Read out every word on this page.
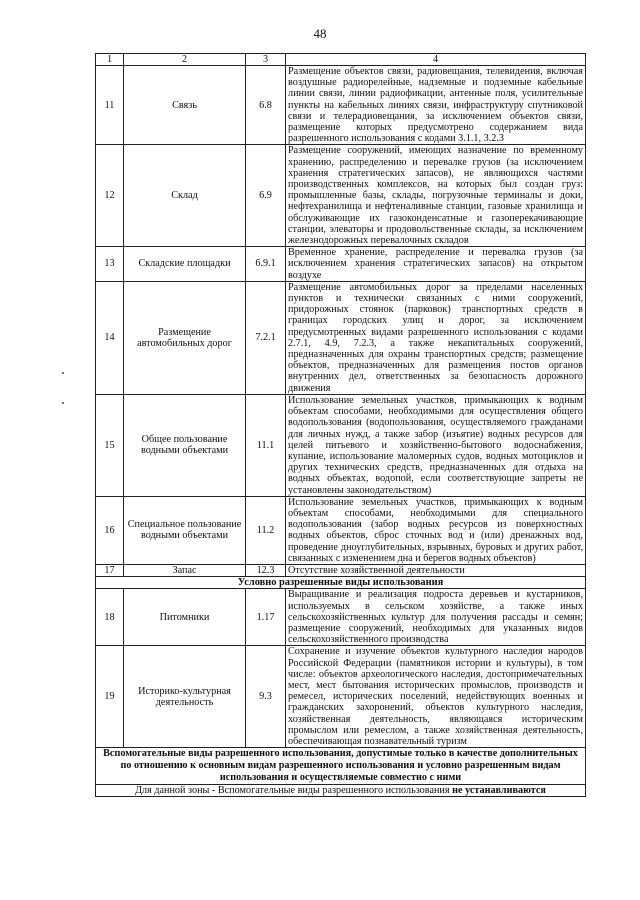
48
1	2	3	4
11	Связь	6.8	Размещение объектов связи, радиовещания, телевидения, включая воздушные радиорелейные, надземные и подземные кабельные линии связи, линии радиофикации, антенные поля, усилительные пункты на кабельных линиях связи, инфраструктуру спутниковой связи и телерадиовещания, за исключением объектов связи, размещение которых предусмотрено содержанием вида разрешенного использования с кодами 3.1.1, 3.2.3
12	Склад	6.9	Размещение сооружений, имеющих назначение по временному хранению, распределению и перевалке грузов (за исключением хранения стратегических запасов), не являющихся частями производственных комплексов, на которых был создан груз: промышленные базы, склады, погрузочные терминалы и доки, нефтехранилища и нефтеналивные станции, газовые хранилища и обслуживающие их газоконденсатные и газоперекачивающие станции, элеваторы и продовольственные склады, за исключением железнодорожных перевалочных складов
13	Складские площадки	6.9.1	Временное хранение, распределение и перевалка грузов (за исключением хранения стратегических запасов) на открытом воздухе
14	Размещение автомобильных дорог	7.2.1	Размещение автомобильных дорог за пределами населенных пунктов и технически связанных с ними сооружений, придорожных стоянок (парковок) транспортных средств в границах городских улиц и дорог, за исключением предусмотренных видами разрешенного использования с кодами 2.7.1, 4.9, 7.2.3, а также некапитальных сооружений, предназначенных для охраны транспортных средств; размещение объектов, предназначенных для размещения постов органов внутренних дел, ответственных за безопасность дорожного движения
15	Общее пользование водными объектами	11.1	Использование земельных участков, примыкающих к водным объектам способами, необходимыми для осуществления общего водопользования (водопользования, осуществляемого гражданами для личных нужд, а также забор (изъятие) водных ресурсов для целей питьевого и хозяйственно-бытового водоснабжения, купание, использование маломерных судов, водных мотоциклов и других технических средств, предназначенных для отдыха на водных объектах, водопой, если соответствующие запреты не установлены законодательством)
16	Специальное пользование водными объектами	11.2	Использование земельных участков, примыкающих к водным объектам способами, необходимыми для специального водопользования (забор водных ресурсов из поверхностных водных объектов, сброс сточных вод и (или) дренажных вод, проведение дноуглубительных, взрывных, буровых и других работ, связанных с изменением дна и берегов водных объектов)
17	Запас	12.3	Отсутствие хозяйственной деятельности
Условно разрешенные виды использования			
18	Питомники	1.17	Выращивание и реализация подроста деревьев и кустарников, используемых в сельском хозяйстве, а также иных сельскохозяйственных культур для получения рассады и семян; размещение сооружений, необходимых для указанных видов сельскохозяйственного производства
19	Историко-культурная деятельность	9.3	Сохранение и изучение объектов культурного наследия народов Российской Федерации (памятников истории и культуры), в том числе: объектов археологического наследия, достопримечательных мест, мест бытования исторических промыслов, производств и ремесел, исторических поселений, недействующих военных и гражданских захоронений, объектов культурного наследия, хозяйственная деятельность, являющаяся историческим промыслом или ремеслом, а также хозяйственная деятельность, обеспечивающая познавательный туризм
Вспомогательные виды разрешенного использования, допустимые только в качестве дополнительных по отношению к основным видам разрешенного использования и условно разрешенным видам использования и осуществляемые совместно с ними			
Для данной зоны - Вспомогательные виды разрешенного использования не устанавливаются			
